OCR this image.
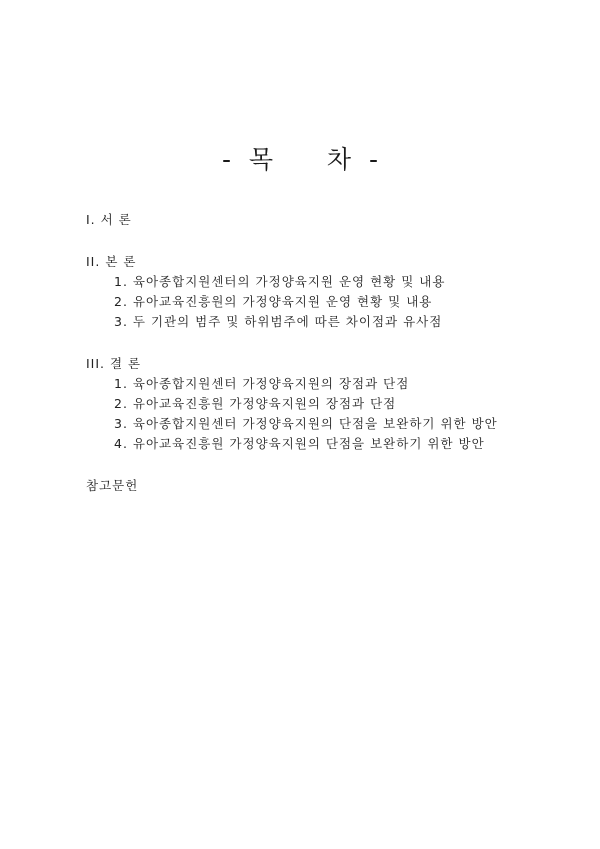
- 목   차 -
I. 서 론
II. 본 론
1. 육아종합지원센터의 가정양육지원 운영 현황 및 내용
2. 유아교육진흥원의 가정양육지원 운영 현황 및 내용
3. 두 기관의 범주 및 하위범주에 따른 차이점과 유사점
III. 결 론
1. 육아종합지원센터 가정양육지원의 장점과 단점
2. 유아교육진흥원 가정양육지원의 장점과 단점
3. 육아종합지원센터 가정양육지원의 단점을 보완하기 위한 방안
4. 유아교육진흥원 가정양육지원의 단점을 보완하기 위한 방안
참고문헌
